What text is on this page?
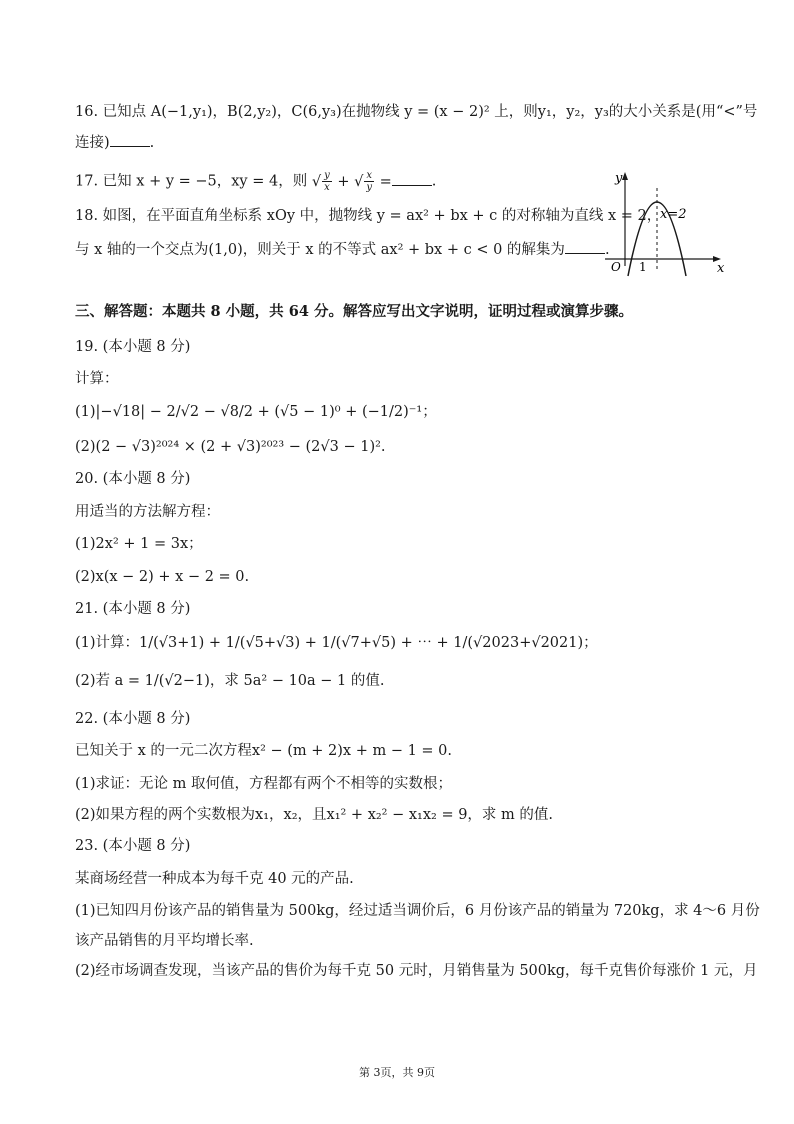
16. 已知点 A(−1,y₁)，B(2,y₂)，C(6,y₃)在抛物线 y = (x − 2)² 上，则y₁，y₂，y₃的大小关系是(用“<”号
连接)	.
17. 已知 x + y = −5，xy = 4，则 √ $\frac{y}{x}$ + √ $\frac{x}{y}$ =	.
18. 如图，在平面直角坐标系 xOy 中，抛物线 y = ax² + bx + c 的对称轴为直线 x = 2，
与 x 轴的一个交点为(1,0)，则关于 x 的不等式 ax² + bx + c < 0 的解集为	.
y
x
O 1
x=2
三、解答题：本题共 8 小题，共 64 分。解答应写出文字说明，证明过程或演算步骤。
19. (本小题 8 分)
计算：
(1)|−√18| − 2/√2 − √8/2 + (√5 − 1)⁰ + (−1/2)⁻¹；
(2)(2 − √3)²⁰²⁴ × (2 + √3)²⁰²³ − (2√3 − 1)².
20. (本小题 8 分)
用适当的方法解方程：
(1)2x² + 1 = 3x；
(2)x(x − 2) + x − 2 = 0.
21. (本小题 8 分)
(1)计算：1/(√3+1) + 1/(√5+√3) + 1/(√7+√5) + ⋯ + 1/(√2023+√2021)；
(2)若 a = 1/(√2−1)，求 5a² − 10a − 1 的值.
22. (本小题 8 分)
已知关于 x 的一元二次方程x² − (m + 2)x + m − 1 = 0.
(1)求证：无论 m 取何值，方程都有两个不相等的实数根；
(2)如果方程的两个实数根为x₁，x₂，且x₁² + x₂² − x₁x₂ = 9，求 m 的值.
23. (本小题 8 分)
某商场经营一种成本为每千克 40 元的产品.
(1)已知四月份该产品的销售量为 500kg，经过适当调价后，6 月份该产品的销量为 720kg，求 4～6 月份
该产品销售的月平均增长率.
(2)经市场调查发现，当该产品的售价为每千克 50 元时，月销售量为 500kg，每千克售价每涨价 1 元，月
第 3页，共 9页
